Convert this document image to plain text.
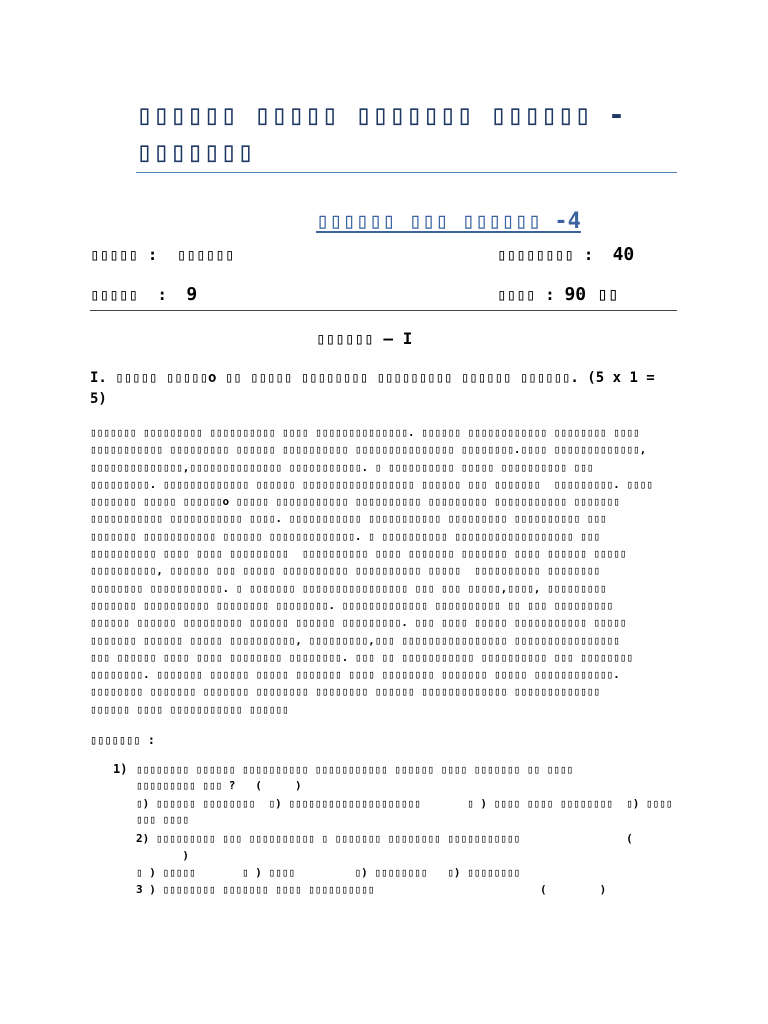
▯▯▯▯▯▯ ▯▯▯▯▯ ▯▯▯▯▯▯▯ ▯▯▯▯▯▯ - ▯▯▯▯▯▯▯
▯▯▯▯▯▯ ▯▯▯ ▯▯▯▯▯▯ -4
▯▯▯▯▯ :  ▯▯▯▯▯▯	▯▯▯▯▯▯▯▯ :  40
▯▯▯▯▯  :  9	▯▯▯▯ : 90 ▯▯
▯▯▯▯▯▯ – I
I. ▯▯▯▯▯ ▯▯▯▯▯o ▯▯ ▯▯▯▯▯ ▯▯▯▯▯▯▯▯ ▯▯▯▯▯▯▯▯▯ ▯▯▯▯▯▯ ▯▯▯▯▯▯. (5 x 1 = 5)
▯▯▯▯▯▯▯ ▯▯▯▯▯▯▯▯▯ ▯▯▯▯▯▯▯▯▯▯ ▯▯▯▯ ▯▯▯▯▯▯▯▯▯▯▯▯▯▯. ▯▯▯▯▯▯ ▯▯▯▯▯▯▯▯▯▯▯▯ ▯▯▯▯▯▯▯▯ ▯▯▯▯
▯▯▯▯▯▯▯▯▯▯▯ ▯▯▯▯▯▯▯▯▯ ▯▯▯▯▯▯ ▯▯▯▯▯▯▯▯▯▯ ▯▯▯▯▯▯▯▯▯▯▯▯▯▯▯ ▯▯▯▯▯▯▯▯.▯▯▯▯ ▯▯▯▯▯▯▯▯▯▯▯▯▯,
▯▯▯▯▯▯▯▯▯▯▯▯▯▯,▯▯▯▯▯▯▯▯▯▯▯▯▯▯ ▯▯▯▯▯▯▯▯▯▯▯. ▯ ▯▯▯▯▯▯▯▯▯▯ ▯▯▯▯▯ ▯▯▯▯▯▯▯▯▯▯ ▯▯▯
▯▯▯▯▯▯▯▯▯. ▯▯▯▯▯▯▯▯▯▯▯▯▯ ▯▯▯▯▯▯ ▯▯▯▯▯▯▯▯▯▯▯▯▯▯▯▯▯ ▯▯▯▯▯▯ ▯▯▯ ▯▯▯▯▯▯▯  ▯▯▯▯▯▯▯▯▯. ▯▯▯▯
▯▯▯▯▯▯▯ ▯▯▯▯▯ ▯▯▯▯▯▯o ▯▯▯▯▯ ▯▯▯▯▯▯▯▯▯▯▯ ▯▯▯▯▯▯▯▯▯▯ ▯▯▯▯▯▯▯▯▯ ▯▯▯▯▯▯▯▯▯▯▯ ▯▯▯▯▯▯▯
▯▯▯▯▯▯▯▯▯▯▯ ▯▯▯▯▯▯▯▯▯▯▯ ▯▯▯▯. ▯▯▯▯▯▯▯▯▯▯▯ ▯▯▯▯▯▯▯▯▯▯▯ ▯▯▯▯▯▯▯▯▯ ▯▯▯▯▯▯▯▯▯▯ ▯▯▯
▯▯▯▯▯▯▯ ▯▯▯▯▯▯▯▯▯▯▯ ▯▯▯▯▯▯ ▯▯▯▯▯▯▯▯▯▯▯▯▯. ▯ ▯▯▯▯▯▯▯▯▯▯ ▯▯▯▯▯▯▯▯▯▯▯▯▯▯▯▯▯▯ ▯▯▯
▯▯▯▯▯▯▯▯▯▯ ▯▯▯▯ ▯▯▯▯ ▯▯▯▯▯▯▯▯▯  ▯▯▯▯▯▯▯▯▯▯ ▯▯▯▯ ▯▯▯▯▯▯▯ ▯▯▯▯▯▯▯ ▯▯▯▯ ▯▯▯▯▯▯ ▯▯▯▯▯
▯▯▯▯▯▯▯▯▯▯, ▯▯▯▯▯▯ ▯▯▯ ▯▯▯▯▯ ▯▯▯▯▯▯▯▯▯▯ ▯▯▯▯▯▯▯▯▯▯ ▯▯▯▯▯  ▯▯▯▯▯▯▯▯▯▯ ▯▯▯▯▯▯▯▯
▯▯▯▯▯▯▯▯ ▯▯▯▯▯▯▯▯▯▯▯. ▯ ▯▯▯▯▯▯▯ ▯▯▯▯▯▯▯▯▯▯▯▯▯▯▯▯ ▯▯▯ ▯▯▯ ▯▯▯▯▯,▯▯▯▯, ▯▯▯▯▯▯▯▯▯
▯▯▯▯▯▯▯ ▯▯▯▯▯▯▯▯▯▯ ▯▯▯▯▯▯▯▯ ▯▯▯▯▯▯▯▯. ▯▯▯▯▯▯▯▯▯▯▯▯▯ ▯▯▯▯▯▯▯▯▯▯ ▯▯ ▯▯▯ ▯▯▯▯▯▯▯▯▯
▯▯▯▯▯▯ ▯▯▯▯▯▯ ▯▯▯▯▯▯▯▯▯ ▯▯▯▯▯▯ ▯▯▯▯▯▯ ▯▯▯▯▯▯▯▯▯. ▯▯▯ ▯▯▯▯ ▯▯▯▯▯ ▯▯▯▯▯▯▯▯▯▯▯ ▯▯▯▯▯
▯▯▯▯▯▯▯ ▯▯▯▯▯▯ ▯▯▯▯▯ ▯▯▯▯▯▯▯▯▯▯, ▯▯▯▯▯▯▯▯▯,▯▯▯ ▯▯▯▯▯▯▯▯▯▯▯▯▯▯▯▯ ▯▯▯▯▯▯▯▯▯▯▯▯▯▯▯▯
▯▯▯ ▯▯▯▯▯▯ ▯▯▯▯ ▯▯▯▯ ▯▯▯▯▯▯▯▯ ▯▯▯▯▯▯▯▯. ▯▯▯ ▯▯ ▯▯▯▯▯▯▯▯▯▯▯ ▯▯▯▯▯▯▯▯▯▯ ▯▯▯ ▯▯▯▯▯▯▯▯
▯▯▯▯▯▯▯▯. ▯▯▯▯▯▯▯ ▯▯▯▯▯▯ ▯▯▯▯▯ ▯▯▯▯▯▯▯ ▯▯▯▯ ▯▯▯▯▯▯▯▯ ▯▯▯▯▯▯▯ ▯▯▯▯▯ ▯▯▯▯▯▯▯▯▯▯▯▯.
▯▯▯▯▯▯▯▯ ▯▯▯▯▯▯▯ ▯▯▯▯▯▯▯ ▯▯▯▯▯▯▯▯ ▯▯▯▯▯▯▯▯ ▯▯▯▯▯▯ ▯▯▯▯▯▯▯▯▯▯▯▯▯ ▯▯▯▯▯▯▯▯▯▯▯▯▯
▯▯▯▯▯▯ ▯▯▯▯ ▯▯▯▯▯▯▯▯▯▯▯ ▯▯▯▯▯▯
▯▯▯▯▯▯▯ :
1) ▯▯▯▯▯▯▯▯ ▯▯▯▯▯▯ ▯▯▯▯▯▯▯▯▯▯ ▯▯▯▯▯▯▯▯▯▯▯ ▯▯▯▯▯▯ ▯▯▯▯ ▯▯▯▯▯▯▯ ▯▯ ▯▯▯▯
▯▯▯▯▯▯▯▯▯ ▯▯▯ ?   (     )
▯) ▯▯▯▯▯▯ ▯▯▯▯▯▯▯▯  ▯) ▯▯▯▯▯▯▯▯▯▯▯▯▯▯▯▯▯▯▯▯       ▯ ) ▯▯▯▯ ▯▯▯▯ ▯▯▯▯▯▯▯▯  ▯) ▯▯▯▯
▯▯▯ ▯▯▯▯
2) ▯▯▯▯▯▯▯▯▯ ▯▯▯ ▯▯▯▯▯▯▯▯▯▯ ▯ ▯▯▯▯▯▯▯ ▯▯▯▯▯▯▯▯ ▯▯▯▯▯▯▯▯▯▯▯                (
)
▯ ) ▯▯▯▯▯       ▯ ) ▯▯▯▯         ▯) ▯▯▯▯▯▯▯▯   ▯) ▯▯▯▯▯▯▯▯
3 ) ▯▯▯▯▯▯▯▯ ▯▯▯▯▯▯▯ ▯▯▯▯ ▯▯▯▯▯▯▯▯▯▯                         (        )
